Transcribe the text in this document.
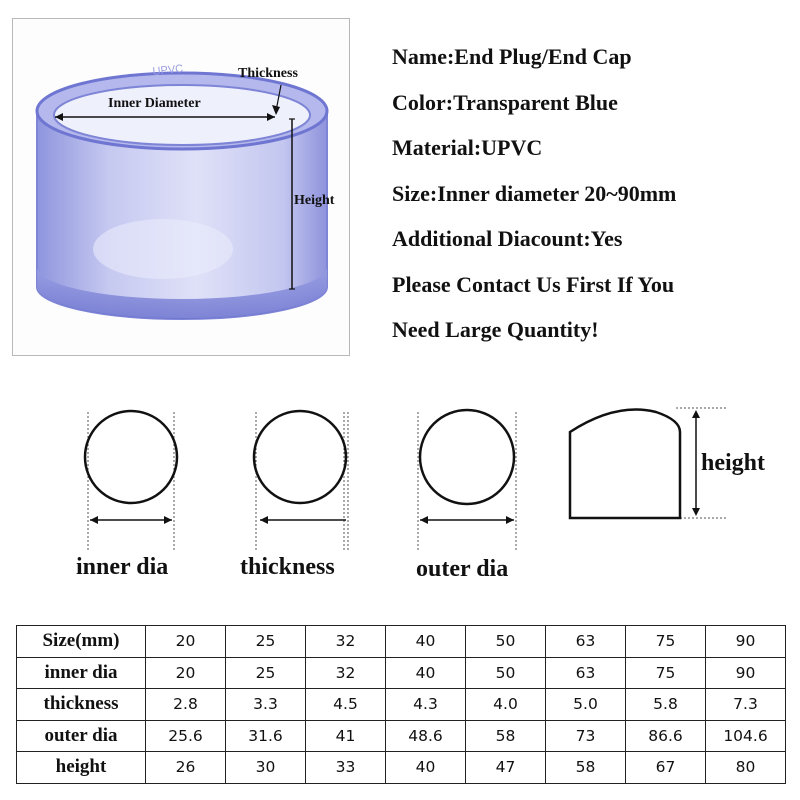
UPVC	Thickness
Inner Diameter
Height
Name:End Plug/End Cap
Color:Transparent Blue
Material:UPVC
Size:Inner diameter 20~90mm
Additional Diacount:Yes
Please Contact Us First If You
Need Large Quantity!
inner dia	thickness	outer dia
height
Size(mm)	20	25	32	40	50	63	75	90
inner dia	20	25	32	40	50	63	75	90
thickness	2.8	3.3	4.5	4.3	4.0	5.0	5.8	7.3
outer dia	25.6	31.6	41	48.6	58	73	86.6	104.6
height	26	30	33	40	47	58	67	80
